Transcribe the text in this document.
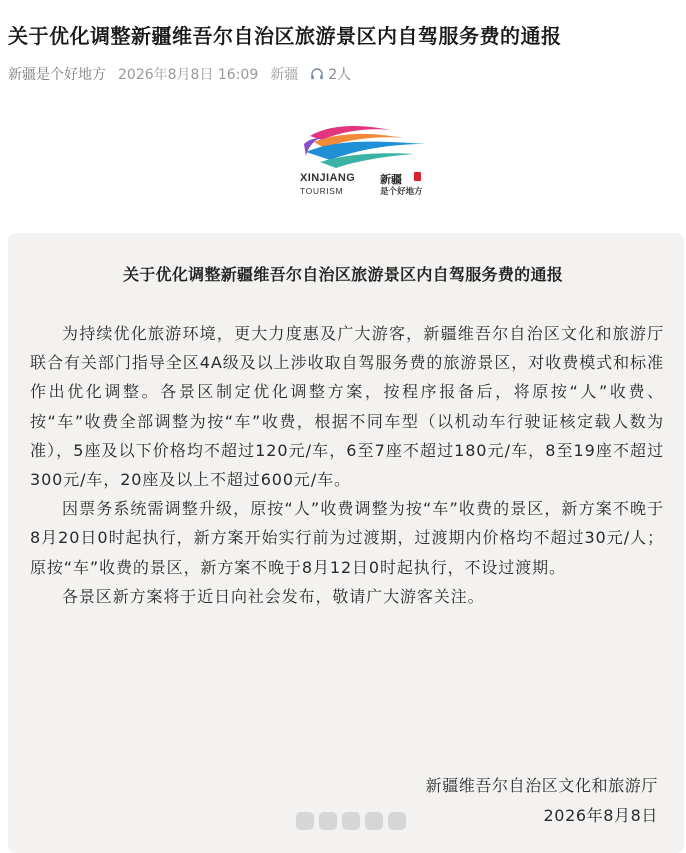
关于优化调整新疆维吾尔自治区旅游景区内自驾服务费的通报
新疆是个好地方 2026年8月8日 16:09 新疆 2人
XINJIANG 新疆
TOURISM	是个好地方
关于优化调整新疆维吾尔自治区旅游景区内自驾服务费的通报

为持续优化旅游环境，更大力度惠及广大游客，新疆维吾尔自治区文化和旅游厅联合有关部门指导全区4A级及以上涉收取自驾服务费的旅游景区，对收费模式和标准作出优化调整。各景区制定优化调整方案，按程序报备后，将原按“人”收费、按“车”收费全部调整为按“车”收费，根据不同车型（以机动车行驶证核定载人数为准），5座及以下价格均不超过120元/车，6至7座不超过180元/车，8至19座不超过300元/车，20座及以上不超过600元/车。

因票务系统需调整升级，原按“人”收费调整为按“车”收费的景区，新方案不晚于8月20日0时起执行，新方案开始实行前为过渡期，过渡期内价格均不超过30元/人；原按“车”收费的景区，新方案不晚于8月12日0时起执行，不设过渡期。

各景区新方案将于近日向社会发布，敬请广大游客关注。

新疆维吾尔自治区文化和旅游厅
2026年8月8日
